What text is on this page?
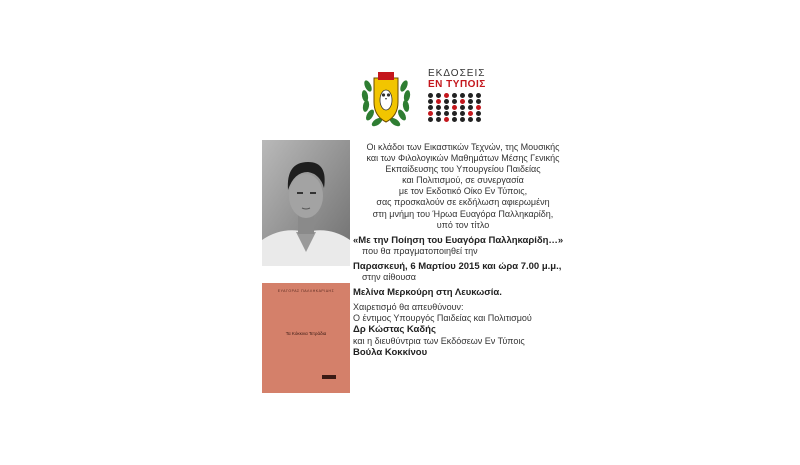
ΕΚΔΟΣΕΙΣ
ΕΝ ΤΥΠΟΙΣ
ΕΥΑΓΟΡΑΣ ΠΑΛΛΗΚΑΡΙΔΗΣ
Τα Κόκκινα Τετράδια
Οι κλάδοι των Εικαστικών Τεχνών, της Μουσικής
και των Φιλολογικών Μαθημάτων Μέσης Γενικής
Εκπαίδευσης του Υπουργείου Παιδείας
και Πολιτισμού, σε συνεργασία
με τον Εκδοτικό Οίκο Εν Τύποις,
σας προσκαλούν σε εκδήλωση αφιερωμένη
στη μνήμη του Ήρωα Ευαγόρα Παλληκαρίδη,
υπό τον τίτλο
«Με την Ποίηση του Ευαγόρα Παλληκαρίδη…»
που θα πραγματοποιηθεί την
Παρασκευή, 6 Μαρτίου 2015 και ώρα 7.00 μ.μ.,
στην αίθουσα
Μελίνα Μερκούρη στη Λευκωσία.
Χαιρετισμό θα απευθύνουν:
Ο έντιμος Υπουργός Παιδείας και Πολιτισμού
Δρ Κώστας Καδής
και η διευθύντρια των Εκδόσεων Εν Τύποις
Βούλα Κοκκίνου
